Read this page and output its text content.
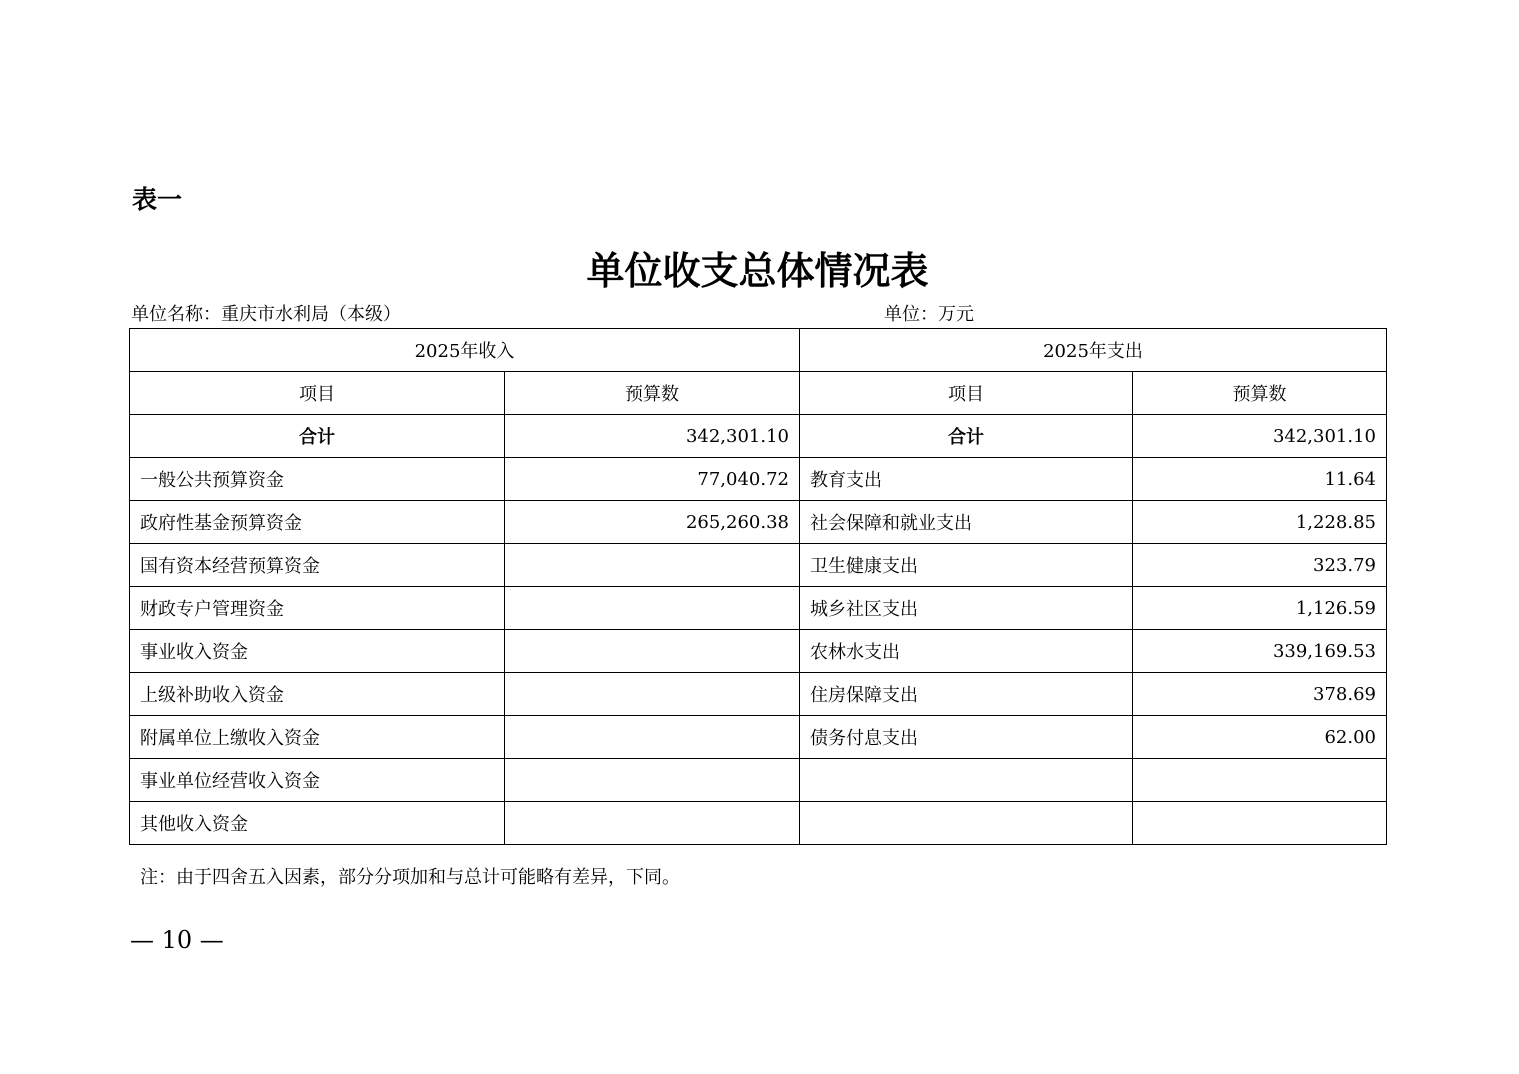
表一
单位收支总体情况表
单位名称：重庆市水利局（本级）	单位：万元
2025年收入		2025年支出	
项目	预算数	项目	预算数
合计	342,301.10	合计	342,301.10
一般公共预算资金	77,040.72	教育支出	11.64
政府性基金预算资金	265,260.38	社会保障和就业支出	1,228.85
国有资本经营预算资金		卫生健康支出	323.79
财政专户管理资金		城乡社区支出	1,126.59
事业收入资金		农林水支出	339,169.53
上级补助收入资金		住房保障支出	378.69
附属单位上缴收入资金		债务付息支出	62.00
事业单位经营收入资金			
其他收入资金			
注：由于四舍五入因素，部分分项加和与总计可能略有差异，下同。
— 10 —
